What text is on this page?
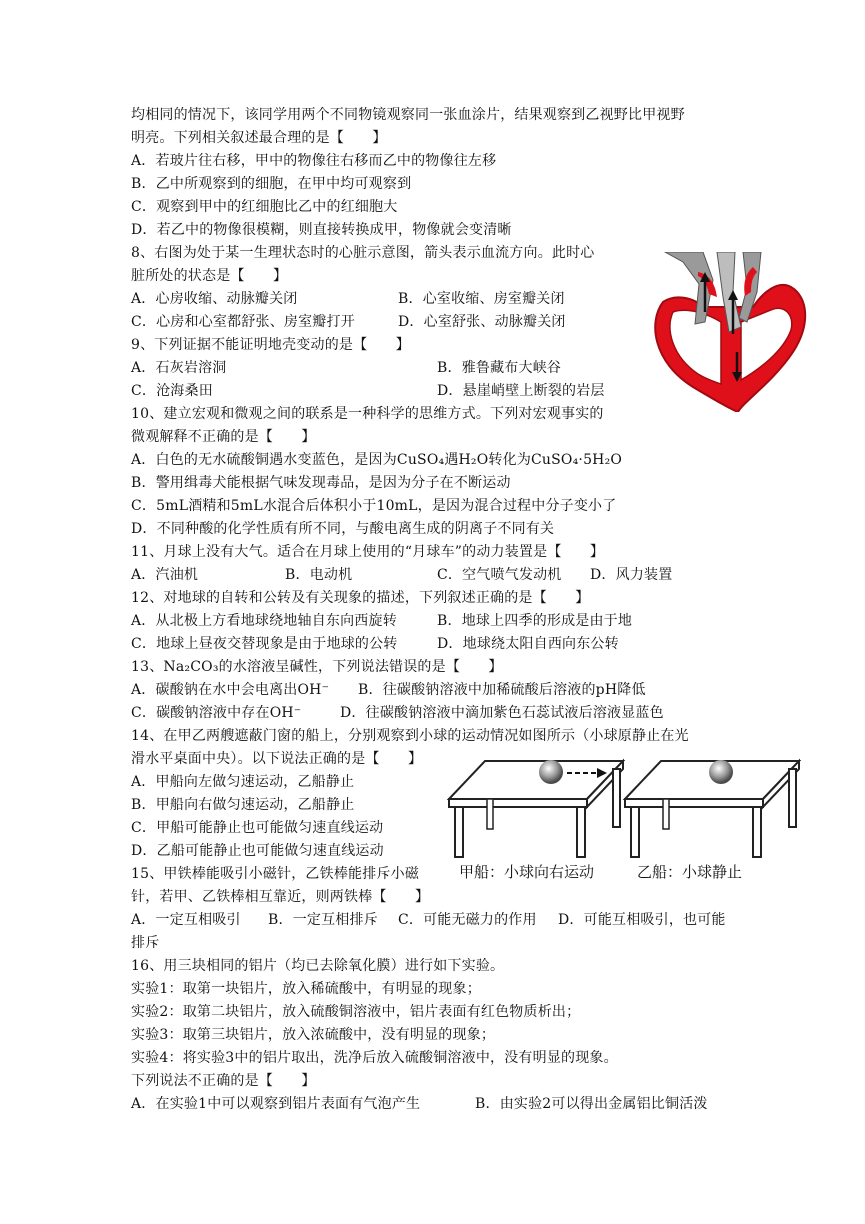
均相同的情况下，该同学用两个不同物镜观察同一张血涂片，结果观察到乙视野比甲视野
明亮。下列相关叙述最合理的是【　　】
A．若玻片往右移，甲中的物像往右移而乙中的物像往左移
B．乙中所观察到的细胞，在甲中均可观察到
C．观察到甲中的红细胞比乙中的红细胞大
D．若乙中的物像很模糊，则直接转换成甲，物像就会变清晰
8、右图为处于某一生理状态时的心脏示意图，箭头表示血流方向。此时心
脏所处的状态是【　　】
A．心房收缩、动脉瓣关闭	B．心室收缩、房室瓣关闭
C．心房和心室都舒张、房室瓣打开	D．心室舒张、动脉瓣关闭
9、下列证据不能证明地壳变动的是【　　】
A．石灰岩溶洞	B．雅鲁藏布大峡谷
C．沧海桑田	D．悬崖峭壁上断裂的岩层
10、建立宏观和微观之间的联系是一种科学的思维方式。下列对宏观事实的
微观解释不正确的是【　　】
A．白色的无水硫酸铜遇水变蓝色，是因为CuSO₄遇H₂O转化为CuSO₄·5H₂O
B．警用缉毒犬能根据气味发现毒品，是因为分子在不断运动
C．5mL酒精和5mL水混合后体积小于10mL，是因为混合过程中分子变小了
D．不同种酸的化学性质有所不同，与酸电离生成的阴离子不同有关
11、月球上没有大气。适合在月球上使用的“月球车”的动力装置是【　　】
A．汽油机	B．电动机	C．空气喷气发动机 D．风力装置
12、对地球的自转和公转及有关现象的描述，下列叙述正确的是【　　】
A．从北极上方看地球绕地轴自东向西旋转	B．地球上四季的形成是由于地
C．地球上昼夜交替现象是由于地球的公转	D．地球绕太阳自西向东公转
13、Na₂CO₃的水溶液呈碱性，下列说法错误的是【　　】
A．碳酸钠在水中会电离出OH⁻ B．往碳酸钠溶液中加稀硫酸后溶液的pH降低
C．碳酸钠溶液中存在OH⁻	D．往碳酸钠溶液中滴加紫色石蕊试液后溶液显蓝色
14、在甲乙两艘遮蔽门窗的船上，分别观察到小球的运动情况如图所示（小球原静止在光
滑水平桌面中央）。以下说法正确的是【　　】
A．甲船向左做匀速运动，乙船静止
B．甲船向右做匀速运动，乙船静止
C．甲船可能静止也可能做匀速直线运动
D．乙船可能静止也可能做匀速直线运动
15、甲铁棒能吸引小磁针，乙铁棒能排斥小磁
针，若甲、乙铁棒相互靠近，则两铁棒【　　】
A．一定互相吸引 B．一定互相排斥 C．可能无磁力的作用 D．可能互相吸引，也可能
排斥
16、用三块相同的铝片（均已去除氧化膜）进行如下实验。
实验1：取第一块铝片，放入稀硫酸中，有明显的现象；
实验2：取第二块铝片，放入硫酸铜溶液中，铝片表面有红色物质析出；
实验3：取第三块铝片，放入浓硫酸中，没有明显的现象；
实验4：将实验3中的铝片取出，洗净后放入硫酸铜溶液中，没有明显的现象。
下列说法不正确的是【　　】
A．在实验1中可以观察到铝片表面有气泡产生	B．由实验2可以得出金属铝比铜活泼
甲船：小球向右运动	乙船：小球静止
